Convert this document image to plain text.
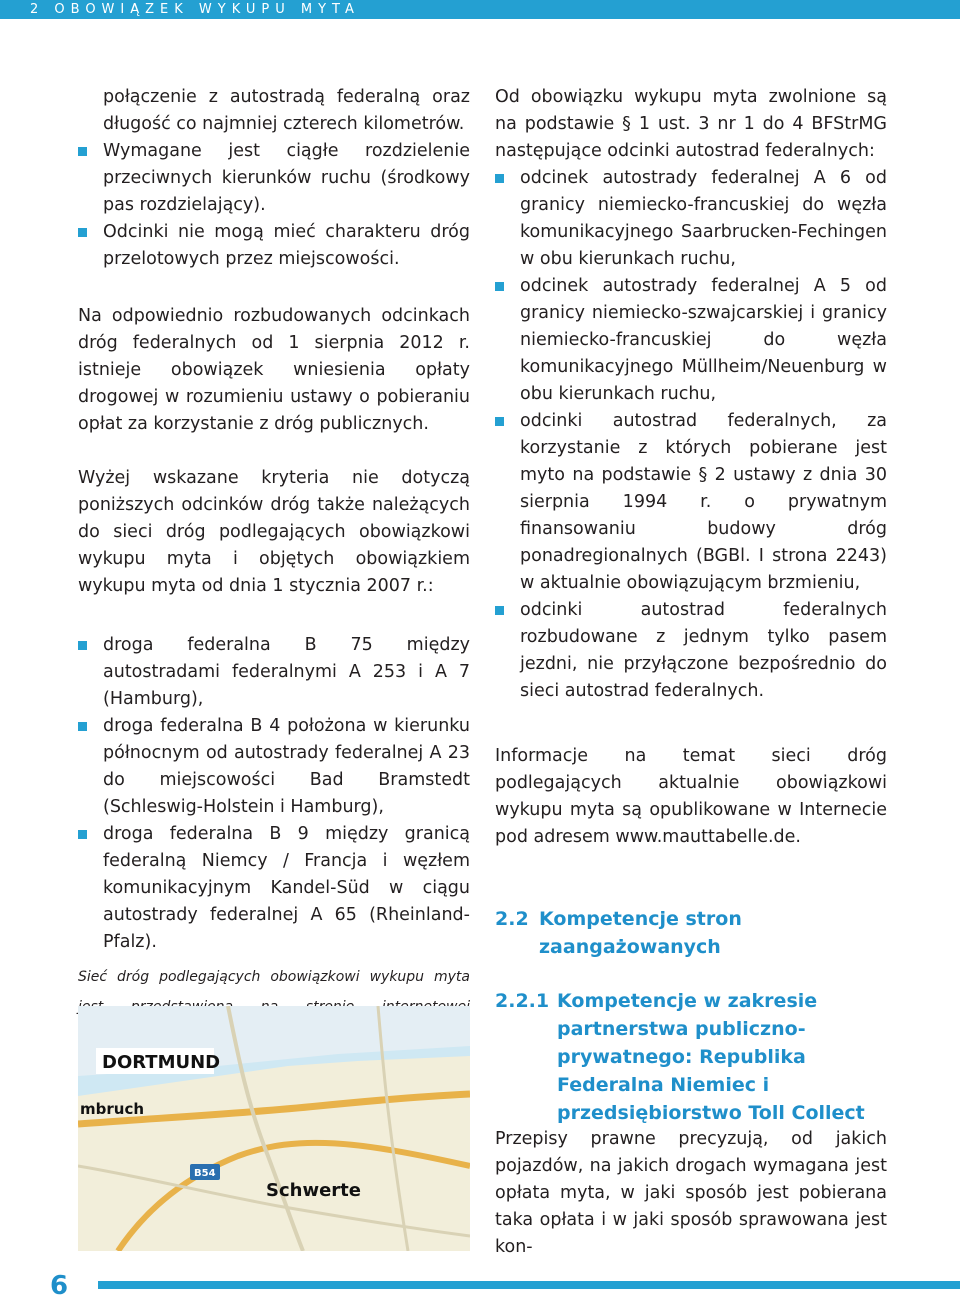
2 OBOWIĄZEK WYKUPU MYTA
połączenie z autostradą federalną oraz długość co najmniej czterech kilometrów.
Wymagane jest ciągłe rozdzielenie przeciwnych kierunków ruchu (środkowy pas rozdzielający).
Odcinki nie mogą mieć charakteru dróg przelotowych przez miejscowości.

Na odpowiednio rozbudowanych odcinkach dróg federalnych od 1 sierpnia 2012 r. istnieje obowiązek wniesienia opłaty drogowej w rozumieniu ustawy o pobieraniu opłat za korzystanie z dróg publicznych.

Wyżej wskazane kryteria nie dotyczą poniższych odcinków dróg także należących do sieci dróg podlegających obowiązkowi wykupu myta i objętych obowiązkiem wykupu myta od dnia 1 stycznia 2007 r.:

droga federalna B 75 między autostradami federalnymi A 253 i A 7 (Hamburg),
droga federalna B 4 położona w kierunku północnym od autostrady federalnej A 23 do miejscowości Bad Bramstedt (Schleswig-Holstein i Hamburg),
droga federalna B 9 między granicą federalną Niemcy / Francja i węzłem komunikacyjnym Kandel-Süd w ciągu autostrady federalnej A 65 (Rheinland-Pfalz).

Sieć dróg podlegających obowiązkowi wykupu myta

DORTMUND
mbruch
Schwerte
B54

Od obowiązku wykupu myta zwolnione są na podstawie § 1 ust. 3 nr 1 do 4 BFStrMG następujące odcinki autostrad federalnych:

odcinek autostrady federalnej A 6 od granicy niemiecko-francuskiej do węzła komunikacyjnego Saarbrucken-Fechingen w obu kierunkach ruchu,
odcinek autostrady federalnej A 5 od granicy niemiecko-szwajcarskiej i granicy niemiecko-francuskiej do węzła komunikacyjnego Müllheim/Neuenburg w obu kierunkach ruchu,
odcinki autostrad federalnych, za korzystanie z których pobierane jest myto na podstawie § 2 ustawy z dnia 30 sierpnia 1994 r. o prywatnym finansowaniu budowy dróg ponadregionalnych (BGBl. I strona 2243) w aktualnie obowiązującym brzmieniu,
odcinki autostrad federalnych rozbudowane z jednym tylko pasem jezdni, nie przyłączone bezpośrednio do sieci autostrad federalnych.

Informacje na temat sieci dróg podlegających aktualnie obowiązkowi wykupu myta są opublikowane w Internecie pod adresem www.mauttabelle.de.

2.2 Kompetencje stron zaangażowanych
2.2.1 Kompetencje w zakresie partnerstwa publiczno-prywatnego: Republika Federalna Niemiec i przedsiębiorstwo Toll Collect

Przepisy prawne precyzują, od jakich pojazdów, na jakich drogach wymagana jest opłata myta, w jaki sposób jest pobierana taka opłata i w jaki sposób sprawowana jest kon-

6
